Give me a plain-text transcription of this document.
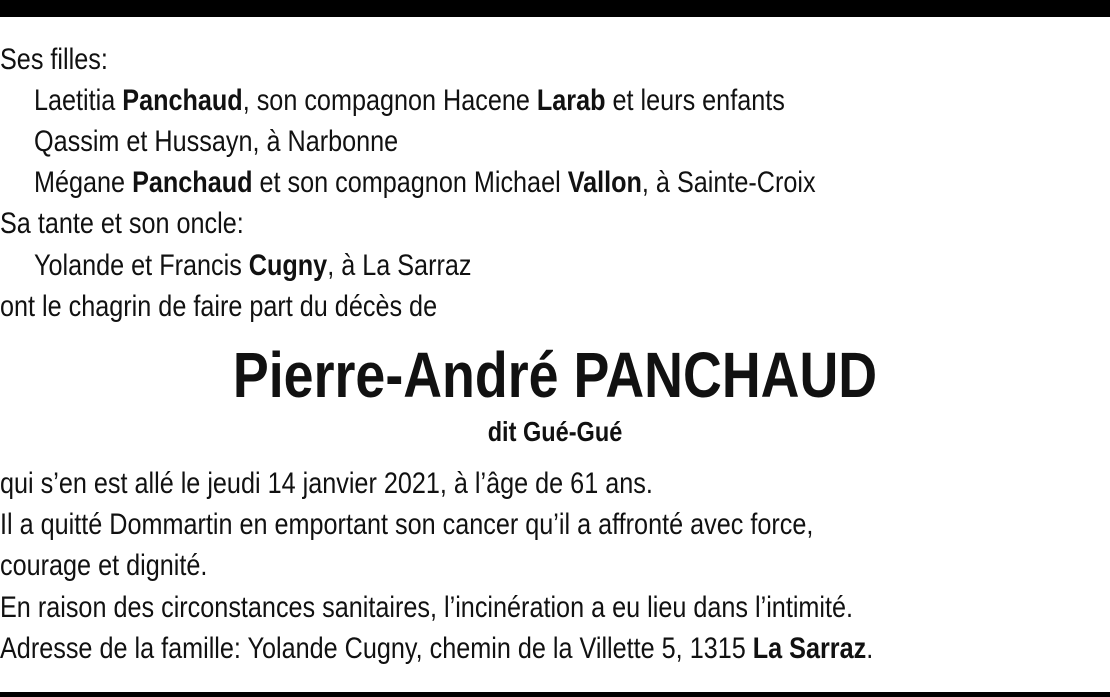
Ses filles:
Laetitia Panchaud, son compagnon Hacene Larab et leurs enfants
Qassim et Hussayn, à Narbonne
Mégane Panchaud et son compagnon Michael Vallon, à Sainte-Croix
Sa tante et son oncle:
Yolande et Francis Cugny, à La Sarraz
ont le chagrin de faire part du décès de
Pierre-André PANCHAUD
dit Gué-Gué
qui s’en est allé le jeudi 14 janvier 2021, à l’âge de 61 ans.
Il a quitté Dommartin en emportant son cancer qu’il a affronté avec force,
courage et dignité.
En raison des circonstances sanitaires, l’incinération a eu lieu dans l’intimité.
Adresse de la famille: Yolande Cugny, chemin de la Villette 5, 1315 La Sarraz.
